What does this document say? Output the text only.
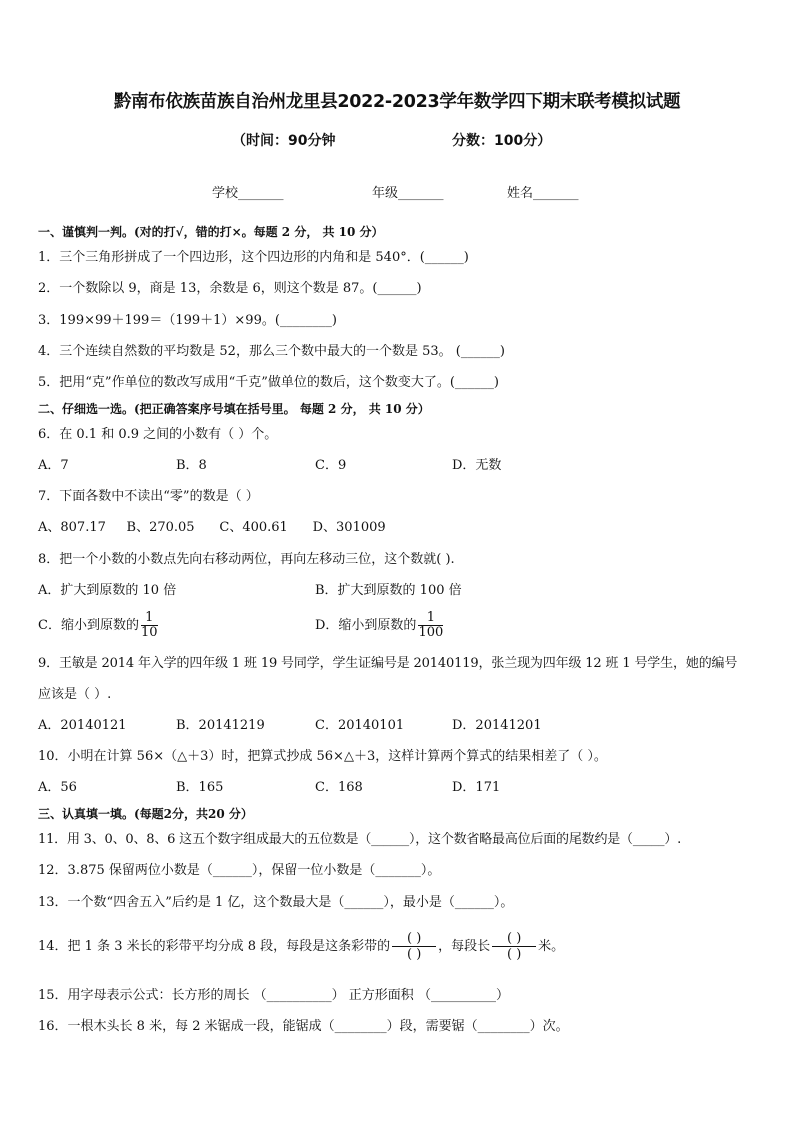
黔南布依族苗族自治州龙里县2022-2023学年数学四下期末联考模拟试题
（时间：90分钟	分数：100分）
学校_______	年级_______	姓名_______
一、谨慎判一判。(对的打√，错的打×。每题 2 分， 共 10 分）
1．三个三角形拼成了一个四边形，这个四边形的内角和是 540°．(______)
2．一个数除以 9，商是 13，余数是 6，则这个数是 87。(______)
3．199×99＋199＝（199＋1）×99。(________)
4．三个连续自然数的平均数是 52，那么三个数中最大的一个数是 53。 (______)
5．把用“克”作单位的数改写成用“千克”做单位的数后，这个数变大了。(______)
二、仔细选一选。(把正确答案序号填在括号里。 每题 2 分， 共 10 分）
6．在 0.1 和 0.9 之间的小数有（ ）个。
A．7	B．8	C．9	D．无数
7．下面各数中不读出“零”的数是（ ）
A、807.17     B、270.05      C、400.61      D、301009
8．把一个小数的小数点先向右移动两位，再向左移动三位，这个数就( ).
A．扩大到原数的 10 倍	B．扩大到原数的 100 倍
C．缩小到原数的 $\frac{1}{10}$	D．缩小到原数的 $\frac{1}{100}$
9．王敏是 2014 年入学的四年级 1 班 19 号同学，学生证编号是 20140119，张兰现为四年级 12 班 1 号学生，她的编号
应该是（ ）.
A．20140121	B．20141219	C．20140101	D．20141201
10．小明在计算 56×（△＋3）时，把算式抄成 56×△＋3，这样计算两个算式的结果相差了（ ）。
A．56	B．165	C．168	D．171
三、认真填一填。(每题2分，共20 分）
11．用 3、0、0、8、6 这五个数字组成最大的五位数是（______），这个数省略最高位后面的尾数约是（_____）.
12．3.875 保留两位小数是（______），保留一位小数是（_______）。
13．一个数“四舍五入”后约是 1 亿，这个数最大是（______），最小是（______）。
14．把 1 条 3 米长的彩带平均分成 8 段，每段是这条彩带的
( )
( )
，每段长
( )
( )
米。
15．用字母表示公式：长方形的周长 （__________） 正方形面积 （__________）
16．一根木头长 8 米，每 2 米锯成一段，能锯成（________）段，需要锯（________）次。
